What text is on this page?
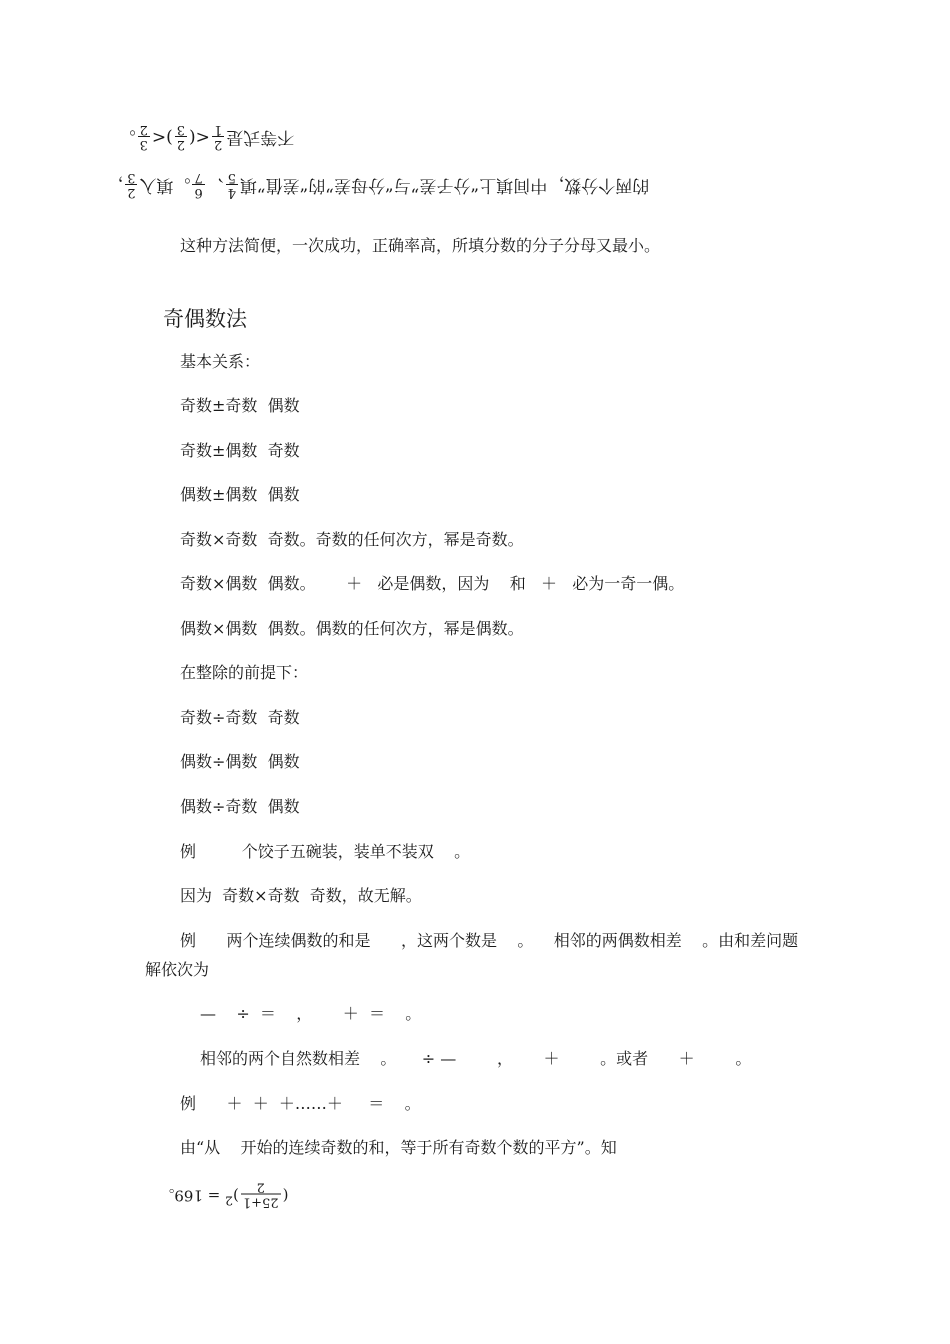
不等式是
2
1
<(
2
3
)<
3
2
。

的两个分数，中间填上“分子差”与“分母差”的“差值”填
4
5
、
6
7
。填入
2
3
，

这种方法简便，一次成功，正确率高，所填分数的分子分母又最小。
奇偶数法
基本关系：
奇数±奇数  偶数
奇数±偶数  奇数
偶数±偶数  偶数
奇数×奇数  奇数。奇数的任何次方，幂是奇数。
奇数×偶数  偶数。      ＋   必是偶数，因为    和   ＋   必为一奇一偶。
偶数×偶数  偶数。偶数的任何次方，幂是偶数。
在整除的前提下：
奇数÷奇数  奇数
偶数÷偶数  偶数
偶数÷奇数  偶数
例         个饺子五碗装，装单不装双    。
因为  奇数×奇数  奇数，故无解。
例      两个连续偶数的和是      ，这两个数是    。    相邻的两偶数相差    。由和差问题
解依次为
—    ÷  ＝    ，      ＋  ＝    。
相邻的两个自然数相差    。     ÷ —        ，      ＋        。或者      ＋        。
例      ＋  ＋  ＋……＋     ＝    。
由“从    开始的连续奇数的和，等于所有奇数个数的平方”。知

(
25+1
2
)$^2$ = 169。
